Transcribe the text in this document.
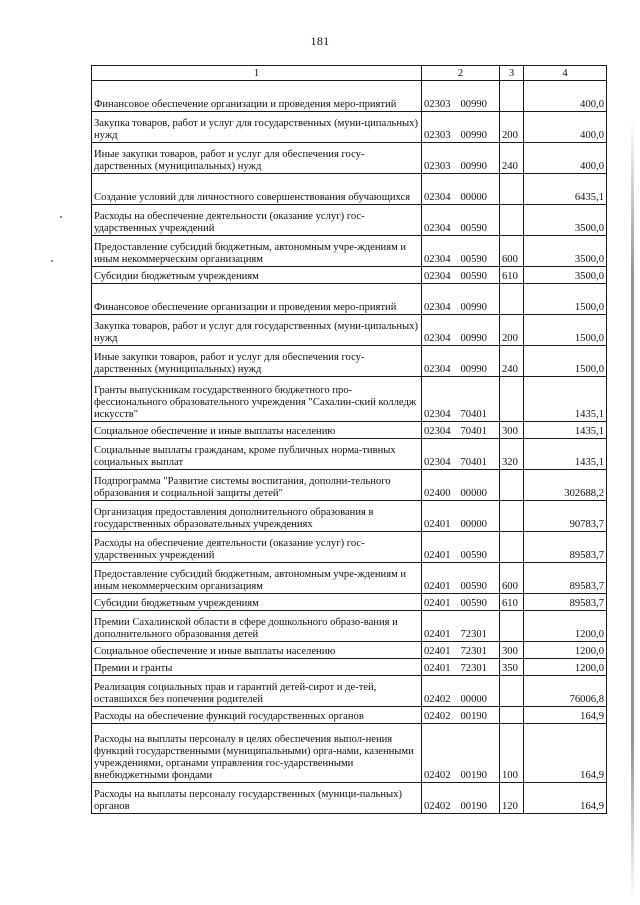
181
1	2	3	4
Финансовое обеспечение организации и проведения меро-приятий	02303 00990		400,0
Закупка товаров, работ и услуг для государственных (муни-ципальных) нужд	02303 00990	200	400,0
Иные закупки товаров, работ и услуг для обеспечения госу-дарственных (муниципальных) нужд	02303 00990	240	400,0
Создание условий для личностного совершенствования обучающихся	02304 00000		6435,1
Расходы на обеспечение деятельности (оказание услуг) гос-ударственных учреждений	02304 00590		3500,0
Предоставление субсидий бюджетным, автономным учре-ждениям и иным некоммерческим организациям	02304 00590	600	3500,0
Субсидии бюджетным учреждениям	02304 00590	610	3500,0
Финансовое обеспечение организации и проведения меро-приятий	02304 00990		1500,0
Закупка товаров, работ и услуг для государственных (муни-ципальных) нужд	02304 00990	200	1500,0
Иные закупки товаров, работ и услуг для обеспечения госу-дарственных (муниципальных) нужд	02304 00990	240	1500,0
Гранты выпускникам государственного бюджетного про-фессионального образовательного учреждения "Сахалин-ский колледж искусств"	02304 70401		1435,1
Социальное обеспечение и иные выплаты населению	02304 70401	300	1435,1
Социальные выплаты гражданам, кроме публичных норма-тивных социальных выплат	02304 70401	320	1435,1
Подпрограмма "Развитие системы воспитания, дополни-тельного образования и социальной защиты детей"	02400 00000		302688,2
Организация предоставления дополнительного образования в государственных образовательных учреждениях	02401 00000		90783,7
Расходы на обеспечение деятельности (оказание услуг) гос-ударственных учреждений	02401 00590		89583,7
Предоставление субсидий бюджетным, автономным учре-ждениям и иным некоммерческим организациям	02401 00590	600	89583,7
Субсидии бюджетным учреждениям	02401 00590	610	89583,7
Премии Сахалинской области в сфере дошкольного образо-вания и дополнительного образования детей	02401 72301		1200,0
Социальное обеспечение и иные выплаты населению	02401 72301	300	1200,0
Премии и гранты	02401 72301	350	1200,0
Реализация социальных прав и гарантий детей-сирот и де-тей, оставшихся без попечения родителей	02402 00000		76006,8
Расходы на обеспечение функций государственных органов	02402 00190		164,9
Расходы на выплаты персоналу в целях обеспечения выпол-нения функций государственными (муниципальными) орга-нами, казенными учреждениями, органами управления гос-ударственными внебюджетными фондами	02402 00190	100	164,9
Расходы на выплаты персоналу государственных (муници-пальных) органов	02402 00190	120	164,9
